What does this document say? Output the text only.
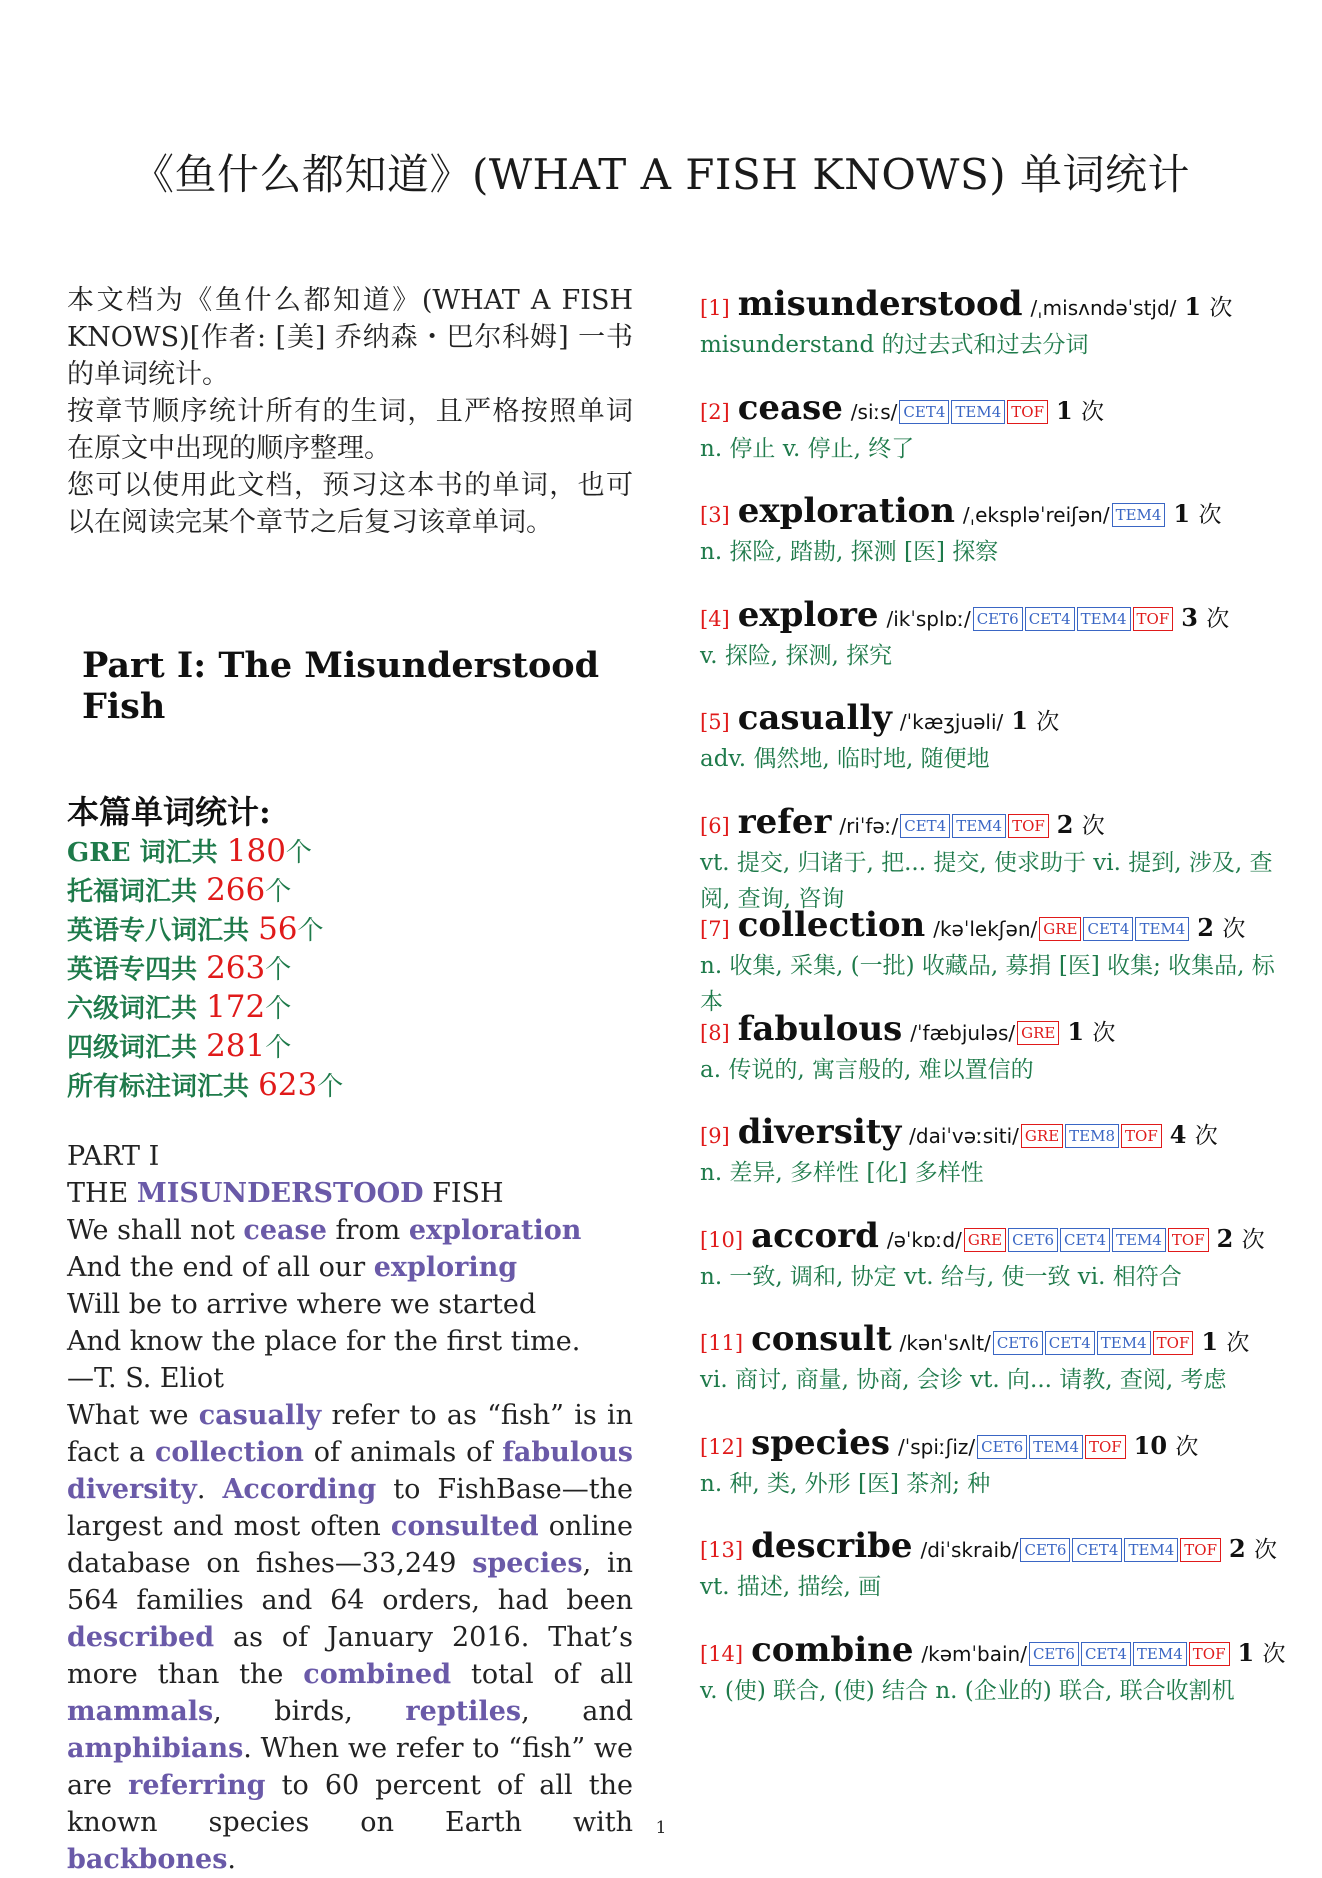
《鱼什么都知道》(WHAT A FISH KNOWS) 单词统计

本文档为《鱼什么都知道》(WHAT A FISH KNOWS)[作者: [美] 乔纳森・巴尔科姆] 一书的单词统计。

按章节顺序统计所有的生词，且严格按照单词在原文中出现的顺序整理。

您可以使用此文档，预习这本书的单词，也可以在阅读完某个章节之后复习该章单词。

Part I: The Misunderstood Fish
本篇单词统计:
GRE 词汇共 180个
托福词汇共 266个
英语专八词汇共 56个
英语专四共 263个
六级词汇共 172个
四级词汇共 281个
所有标注词汇共 623个
PART I
THE MISUNDERSTOOD FISH
We shall not cease from exploration
And the end of all our exploring
Will be to arrive where we started
And know the place for the first time.
—T. S. Eliot
What we casually refer to as “fish” is in fact a collection of animals of fabulous diversity. According to FishBase—the largest and most often consulted online database on fishes—33,249 species, in 564 families and 64 orders, had been described as of January 2016. That’s more than the combined total of all mammals, birds, reptiles, and amphibians. When we refer to “fish” we are referring to 60 percent of all the known species on Earth with backbones.
[1] misunderstood /ˌmisʌndəˈstjd/ 1 次
misunderstand 的过去式和过去分词
[2] cease /siːs/ CET4 TEM4 TOF 1 次
n. 停止 v. 停止, 终了
[3] exploration /ˌekspləˈreiʃən/ TEM4 1 次
n. 探险, 踏勘, 探测 [医] 探察
[4] explore /ikˈsplɒː/ CET6 CET4 TEM4 TOF 3 次
v. 探险, 探测, 探究
[5] casually /ˈkæʒjuəli/ 1 次
adv. 偶然地, 临时地, 随便地
[6] refer /riˈfəː/ CET4 TEM4 TOF 2 次
vt. 提交, 归诸于, 把... 提交, 使求助于 vi. 提到, 涉及, 查阅, 查询, 咨询
[7] collection /kəˈlekʃən/ GRE CET4 TEM4 2 次
n. 收集, 采集, (一批) 收藏品, 募捐 [医] 收集; 收集品, 标本
[8] fabulous /ˈfæbjuləs/ GRE 1 次
a. 传说的, 寓言般的, 难以置信的
[9] diversity /daiˈvəːsiti/ GRE TEM8 TOF 4 次
n. 差异, 多样性 [化] 多样性
[10] accord /əˈkɒːd/ GRE CET6 CET4 TEM4 TOF 2 次
n. 一致, 调和, 协定 vt. 给与, 使一致 vi. 相符合
[11] consult /kənˈsʌlt/ CET6 CET4 TEM4 TOF 1 次
vi. 商讨, 商量, 协商, 会诊 vt. 向... 请教, 查阅, 考虑
[12] species /ˈspiːʃiz/ CET6 TEM4 TOF 10 次
n. 种, 类, 外形 [医] 茶剂; 种
[13] describe /diˈskraib/ CET6 CET4 TEM4 TOF 2 次
vt. 描述, 描绘, 画
[14] combine /kəmˈbain/ CET6 CET4 TEM4 TOF 1 次
v. (使) 联合, (使) 结合 n. (企业的) 联合, 联合收割机
1
